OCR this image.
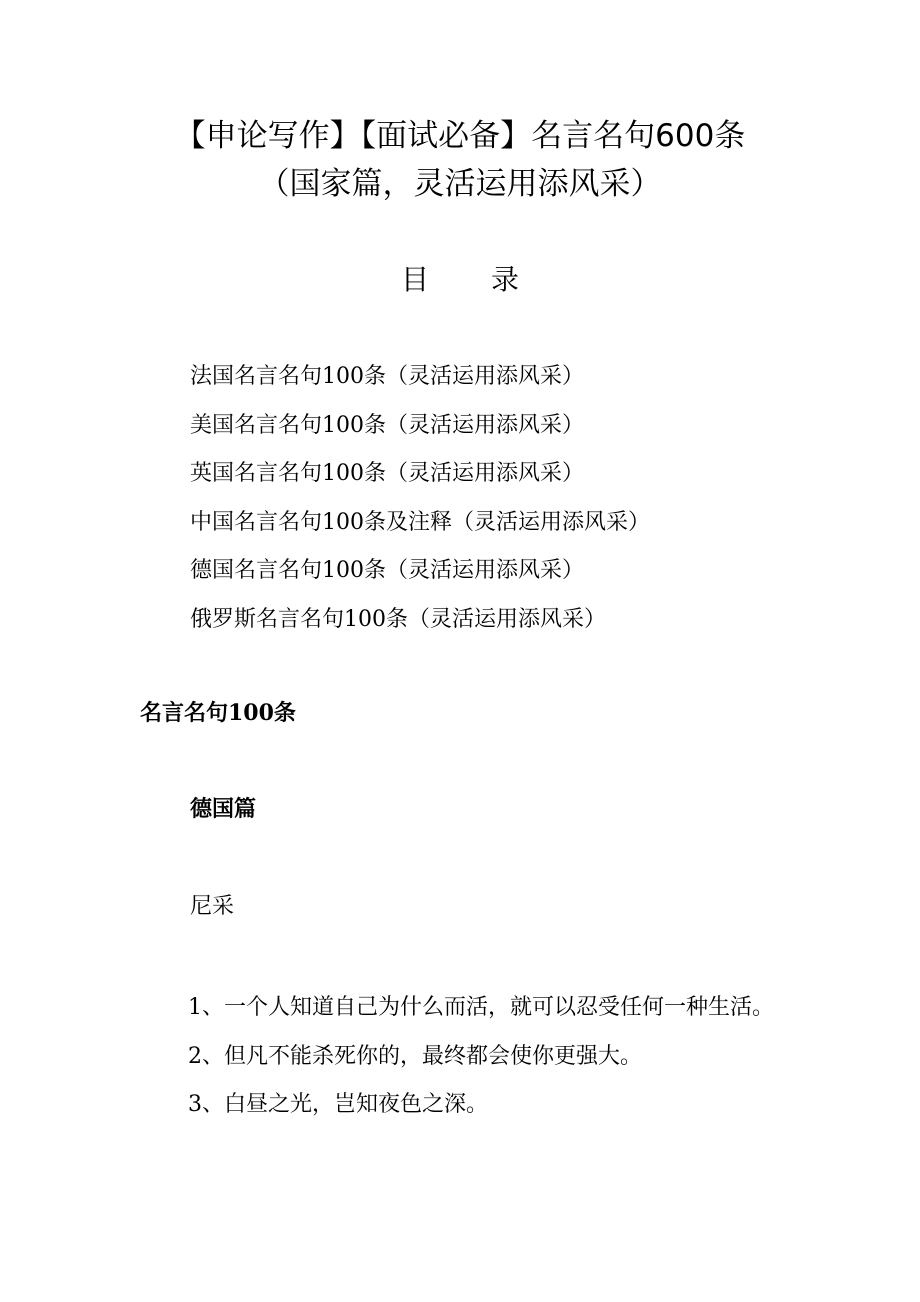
【申论写作】【面试必备】名言名句600条
（国家篇，灵活运用添风采）
目录
法国名言名句100条（灵活运用添风采）
美国名言名句100条（灵活运用添风采）
英国名言名句100条（灵活运用添风采）
中国名言名句100条及注释（灵活运用添风采）
德国名言名句100条（灵活运用添风采）
俄罗斯名言名句100条（灵活运用添风采）
名言名句100条
德国篇
尼采

1、一个人知道自己为什么而活，就可以忍受任何一种生活。

2、但凡不能杀死你的，最终都会使你更强大。

3、白昼之光，岂知夜色之深。
